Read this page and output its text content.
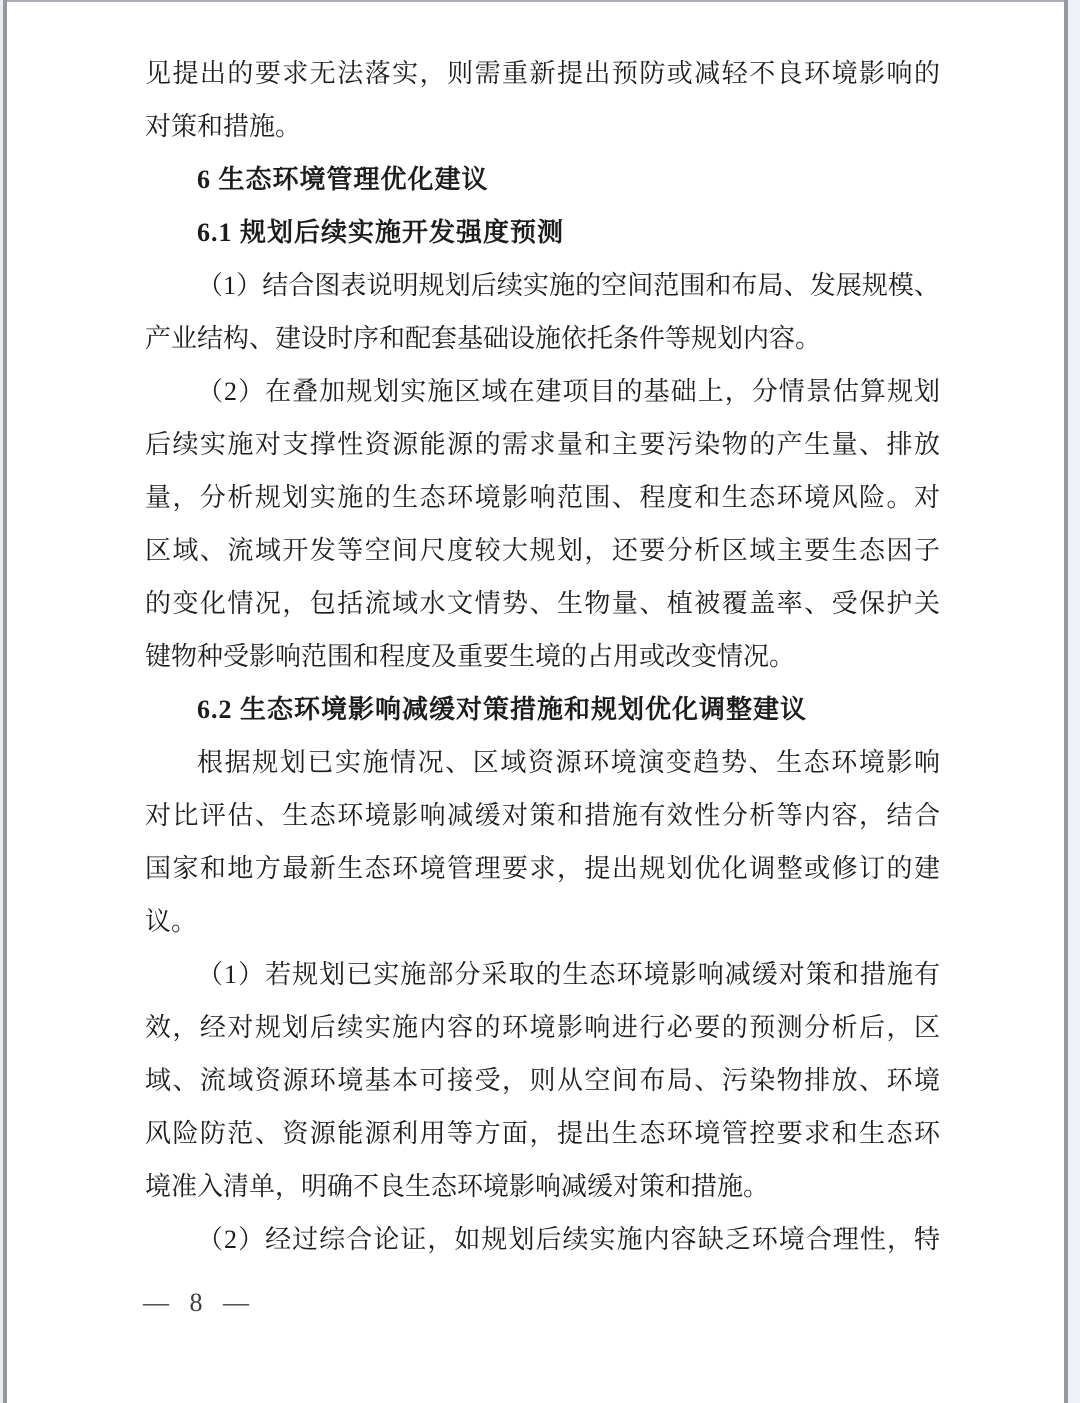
见提出的要求无法落实，则需重新提出预防或减轻不良环境影响的
对策和措施。
6 生态环境管理优化建议
6.1 规划后续实施开发强度预测
（1）结合图表说明规划后续实施的空间范围和布局、发展规模、
产业结构、建设时序和配套基础设施依托条件等规划内容。
（2）在叠加规划实施区域在建项目的基础上，分情景估算规划
后续实施对支撑性资源能源的需求量和主要污染物的产生量、排放
量，分析规划实施的生态环境影响范围、程度和生态环境风险。对
区域、流域开发等空间尺度较大规划，还要分析区域主要生态因子
的变化情况，包括流域水文情势、生物量、植被覆盖率、受保护关
键物种受影响范围和程度及重要生境的占用或改变情况。
6.2 生态环境影响减缓对策措施和规划优化调整建议
根据规划已实施情况、区域资源环境演变趋势、生态环境影响
对比评估、生态环境影响减缓对策和措施有效性分析等内容，结合
国家和地方最新生态环境管理要求，提出规划优化调整或修订的建
议。
（1）若规划已实施部分采取的生态环境影响减缓对策和措施有
效，经对规划后续实施内容的环境影响进行必要的预测分析后，区
域、流域资源环境基本可接受，则从空间布局、污染物排放、环境
风险防范、资源能源利用等方面，提出生态环境管控要求和生态环
境准入清单，明确不良生态环境影响减缓对策和措施。
（2）经过综合论证，如规划后续实施内容缺乏环境合理性，特
— 8 —
